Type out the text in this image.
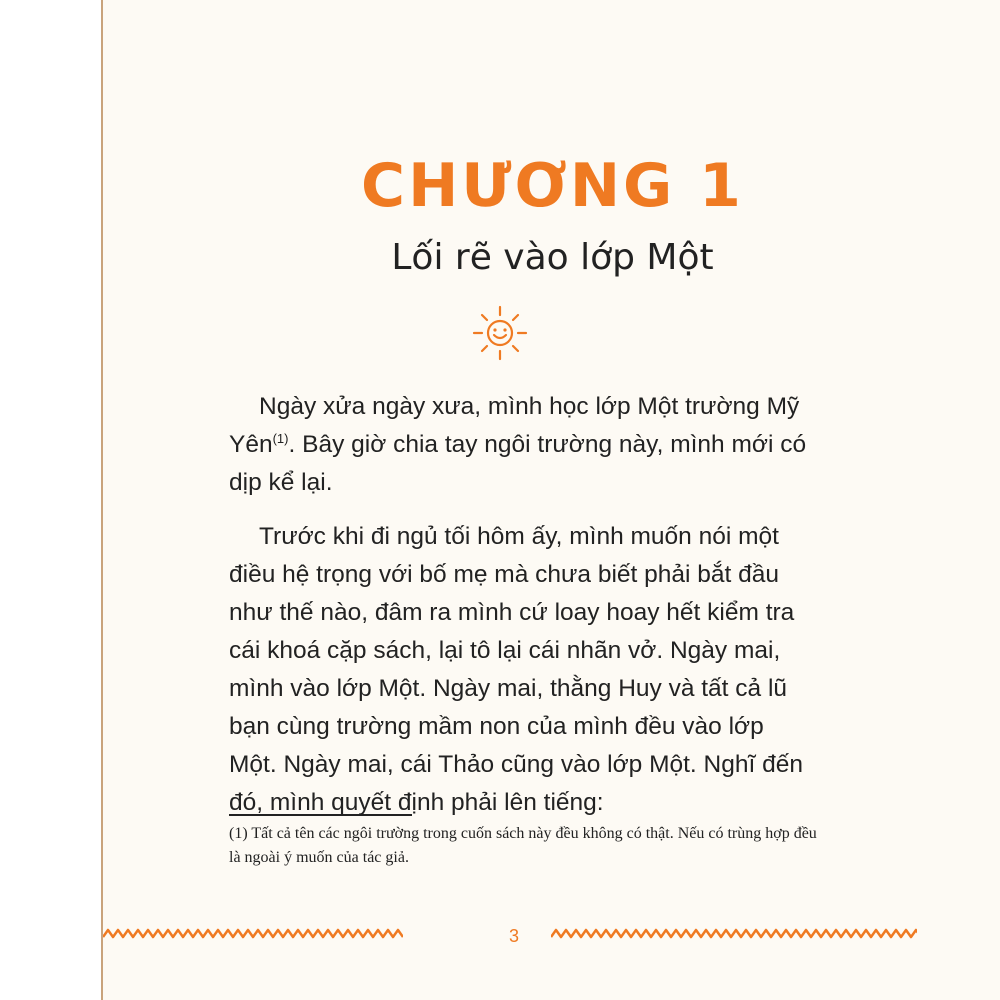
CHƯƠNG 1
Lối rẽ vào lớp Một

Ngày xửa ngày xưa, mình học lớp Một trường Mỹ Yên$^{(1)}$. Bây giờ chia tay ngôi trường này, mình mới có dịp kể lại.

Trước khi đi ngủ tối hôm ấy, mình muốn nói một điều hệ trọng với bố mẹ mà chưa biết phải bắt đầu như thế nào, đâm ra mình cứ loay hoay hết kiểm tra cái khoá cặp sách, lại tô lại cái nhãn vở. Ngày mai, mình vào lớp Một. Ngày mai, thằng Huy và tất cả lũ bạn cùng trường mầm non của mình đều vào lớp Một. Ngày mai, cái Thảo cũng vào lớp Một. Nghĩ đến đó, mình quyết định phải lên tiếng:

(1) Tất cả tên các ngôi trường trong cuốn sách này đều không có thật. Nếu có trùng hợp đều là ngoài ý muốn của tác giả.
3
